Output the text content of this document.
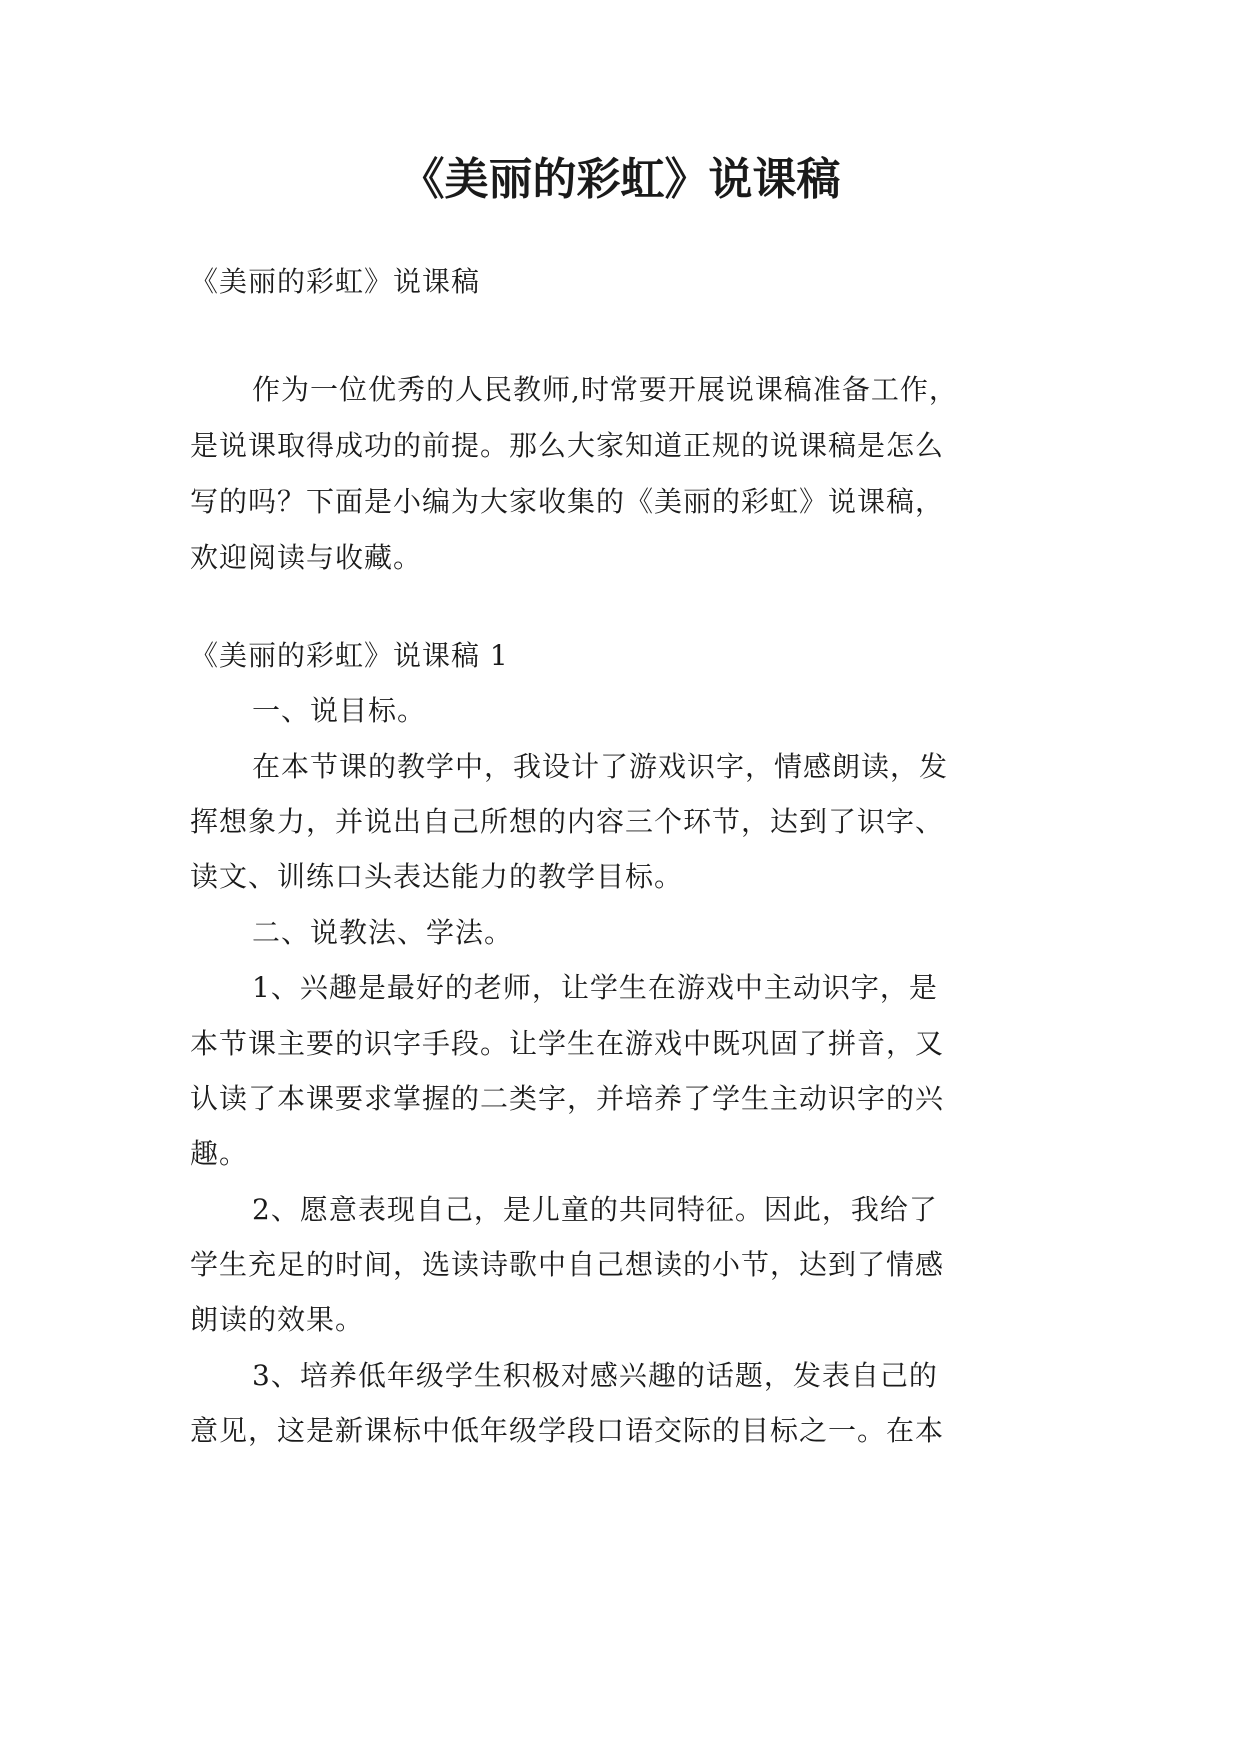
《美丽的彩虹》说课稿
《美丽的彩虹》说课稿
作为一位优秀的人民教师,时常要开展说课稿准备工作，
是说课取得成功的前提。那么大家知道正规的说课稿是怎么
写的吗？下面是小编为大家收集的《美丽的彩虹》说课稿，
欢迎阅读与收藏。
《美丽的彩虹》说课稿 1
一、说目标。
在本节课的教学中，我设计了游戏识字，情感朗读，发
挥想象力，并说出自己所想的内容三个环节，达到了识字、
读文、训练口头表达能力的教学目标。
二、说教法、学法。
1、兴趣是最好的老师，让学生在游戏中主动识字，是
本节课主要的识字手段。让学生在游戏中既巩固了拼音，又
认读了本课要求掌握的二类字，并培养了学生主动识字的兴
趣。
2、愿意表现自己，是儿童的共同特征。因此，我给了
学生充足的时间，选读诗歌中自己想读的小节，达到了情感
朗读的效果。
3、培养低年级学生积极对感兴趣的话题，发表自己的
意见，这是新课标中低年级学段口语交际的目标之一。在本
